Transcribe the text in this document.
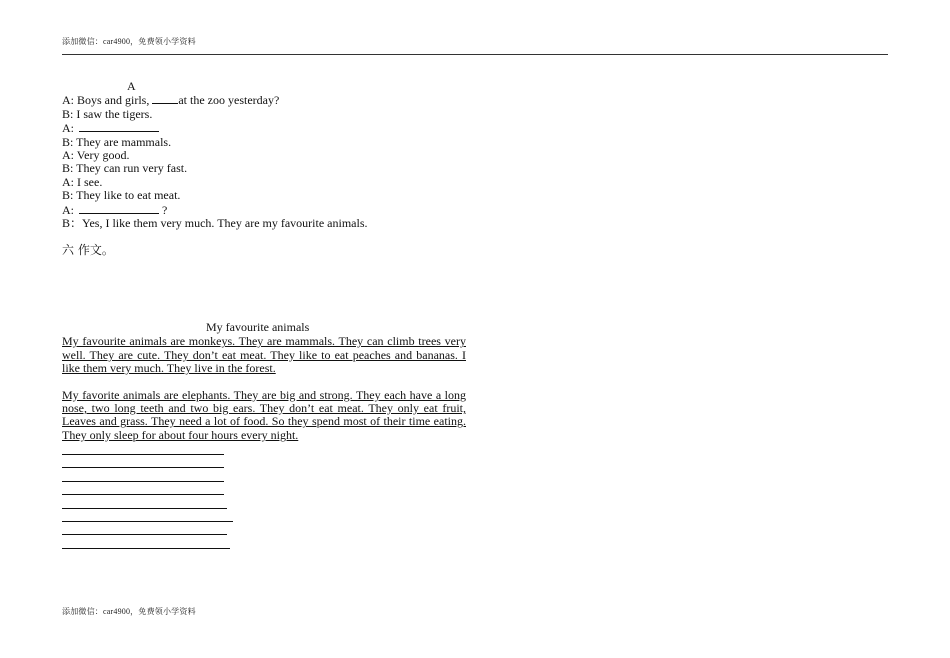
添加微信：car4900，免费领小学资料
A
A: Boys and girls, at the zoo yesterday?
B: I saw the tigers.
A:
B: They are mammals.
A: Very good.
B: They can run very fast.
A: I see.
B: They like to eat meat.
A:	?
B：Yes, I like them very much. They are my favourite animals.
六 作文。
My favourite animals
My favourite animals are monkeys. They are mammals. They can climb trees very well. They are cute. They don’t eat meat. They like to eat peaches and bananas. I like them very much. They live in the forest.
My favorite animals are elephants. They are big and strong. They each have a long nose, two long teeth and two big ears. They don’t eat meat. They only eat fruit, Leaves and grass. They need a lot of food. So they spend most of their time eating. They only sleep for about four hours every night.
添加微信：car4900，免费领小学资料
